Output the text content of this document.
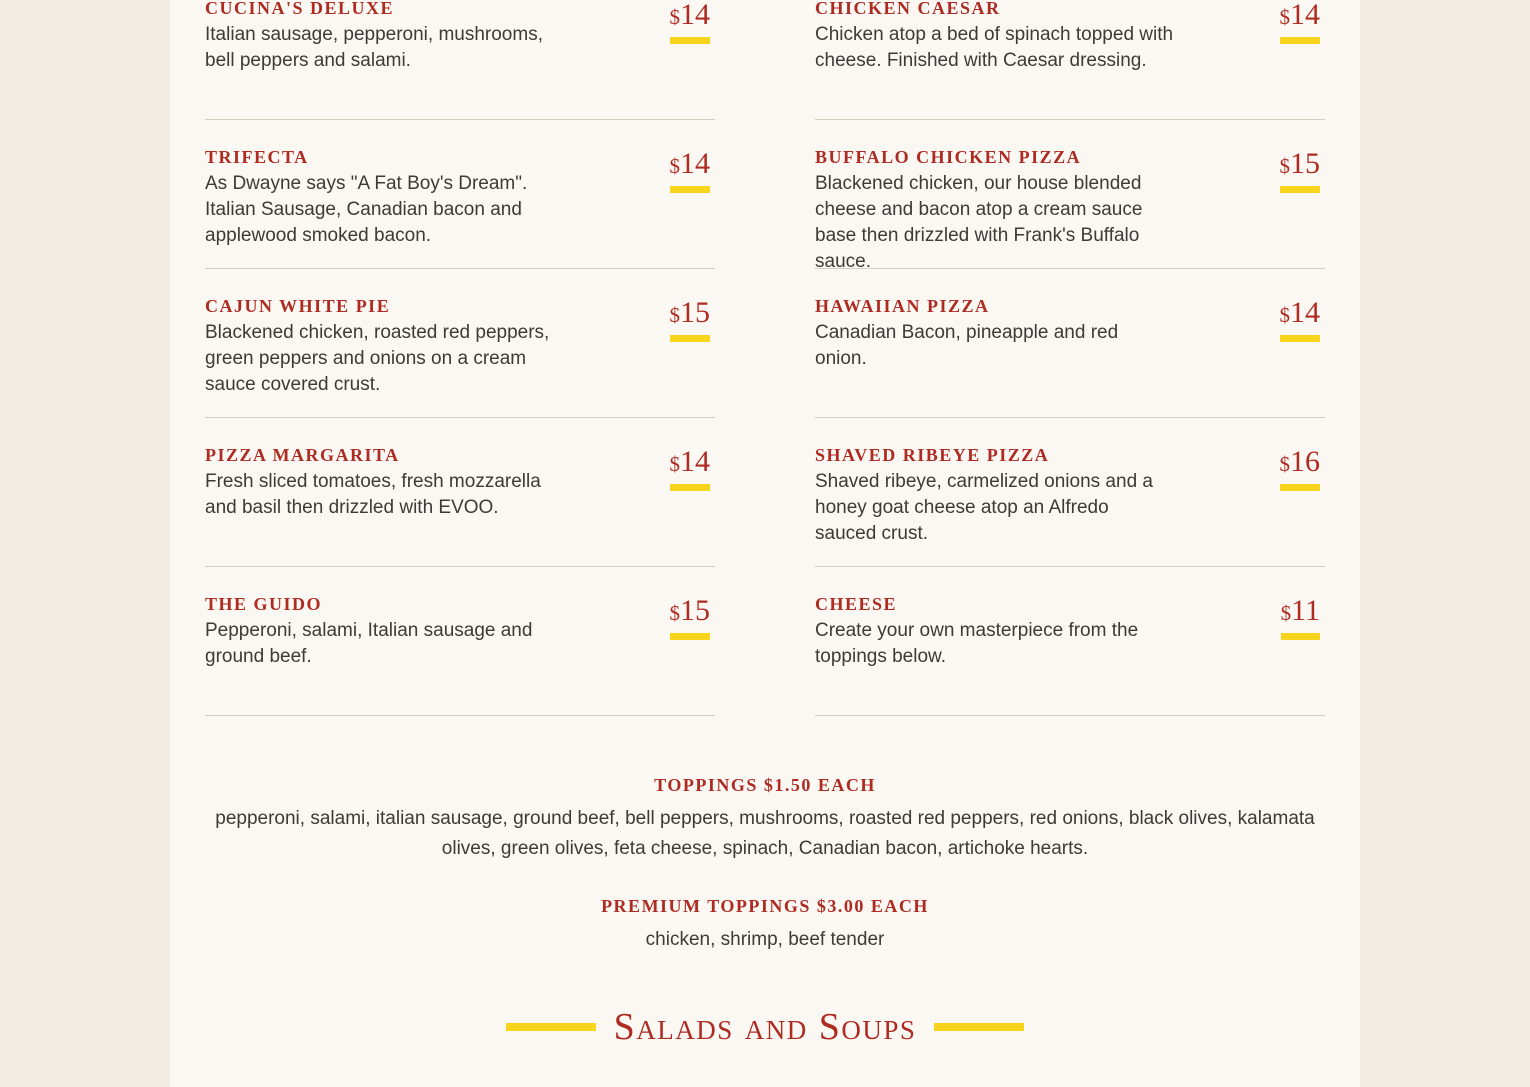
CUCINA'S DELUXE
Italian sausage, pepperoni, mushrooms, bell peppers and salami.
$14
TRIFECTA
As Dwayne says "A Fat Boy's Dream". Italian Sausage, Canadian bacon and applewood smoked bacon.
$14
CAJUN WHITE PIE
Blackened chicken, roasted red peppers, green peppers and onions on a cream sauce covered crust.
$15
PIZZA MARGARITA
Fresh sliced tomatoes, fresh mozzarella and basil then drizzled with EVOO.
$14
THE GUIDO
Pepperoni, salami, Italian sausage and ground beef.
$15
CHICKEN CAESAR
Chicken atop a bed of spinach topped with cheese. Finished with Caesar dressing.
$14
BUFFALO CHICKEN PIZZA
Blackened chicken, our house blended cheese and bacon atop a cream sauce base then drizzled with Frank's Buffalo sauce.
$15
HAWAIIAN PIZZA
Canadian Bacon, pineapple and red onion.
$14
SHAVED RIBEYE PIZZA
Shaved ribeye, carmelized onions and a honey goat cheese atop an Alfredo sauced crust.
$16
CHEESE
Create your own masterpiece from the toppings below.
$11
TOPPINGS $1.50 EACH
pepperoni, salami, italian sausage, ground beef, bell peppers, mushrooms, roasted red peppers, red onions, black olives, kalamata olives, green olives, feta cheese, spinach, Canadian bacon, artichoke hearts.
PREMIUM TOPPINGS $3.00 EACH
chicken, shrimp, beef tender
Salads and Soups
